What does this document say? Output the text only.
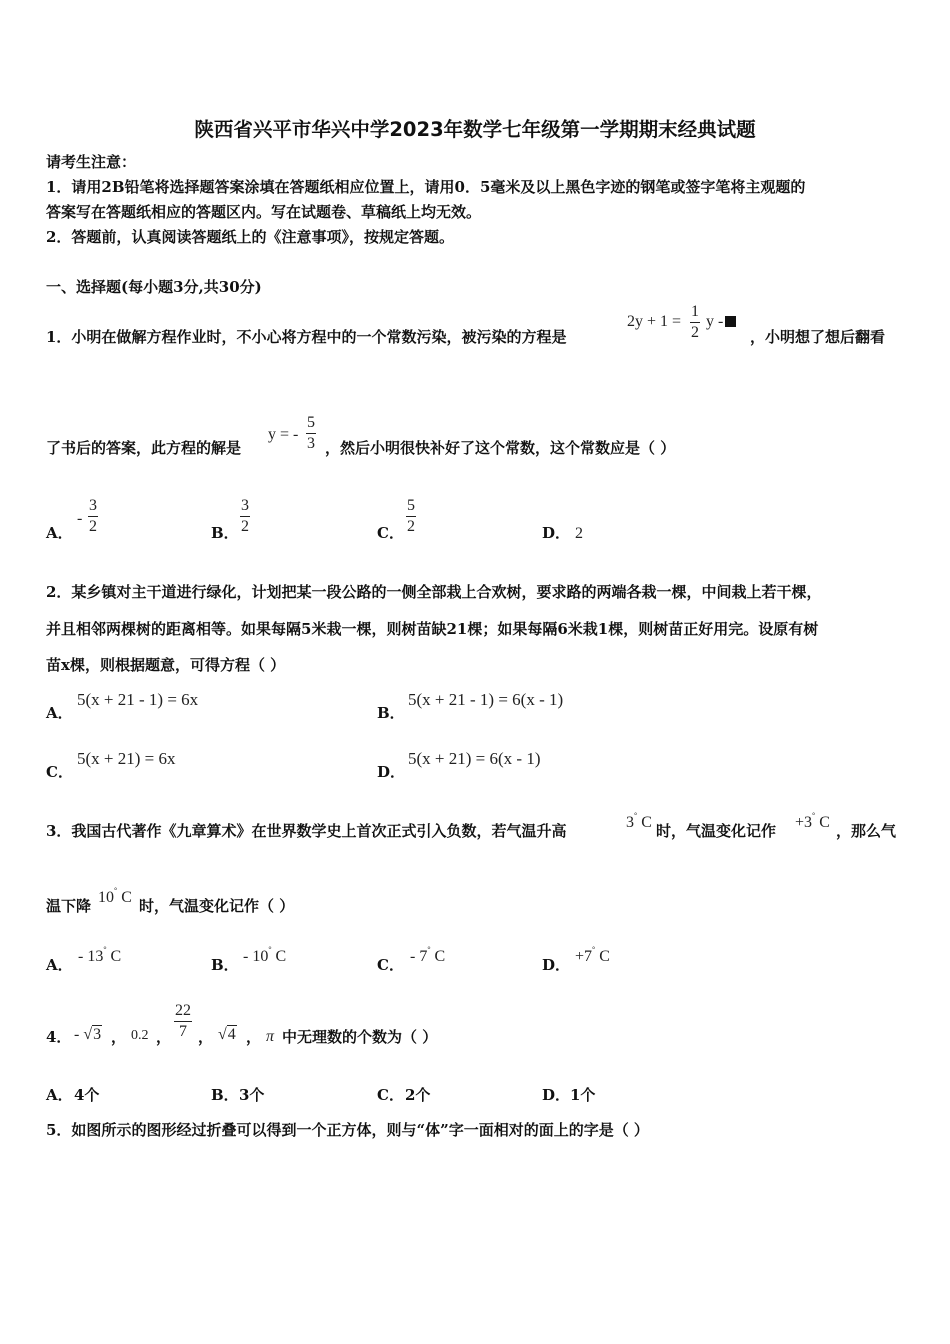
陕西省兴平市华兴中学2023年数学七年级第一学期期末经典试题
请考生注意：
1．请用2B铅笔将选择题答案涂填在答题纸相应位置上，请用0．5毫米及以上黑色字迹的钢笔或签字笔将主观题的
答案写在答题纸相应的答题区内。写在试题卷、草稿纸上均无效。
2．答题前，认真阅读答题纸上的《注意事项》，按规定答题。
一、选择题(每小题3分,共30分)
1．小明在做解方程作业时，不小心将方程中的一个常数污染，被污染的方程是
2y + 1 =
1
2
y -
，小明想了想后翻看
了书后的答案，此方程的解是
y = -
5
3 ，然后小明很快补好了这个常数，这个常数应是（ ）
A．
-
3
2	B．
3
2	C．
5
2	D． 2
2．某乡镇对主干道进行绿化，计划把某一段公路的一侧全部栽上合欢树，要求路的两端各栽一棵，中间栽上若干棵，
并且相邻两棵树的距离相等。如果每隔5米栽一棵，则树苗缺21棵；如果每隔6米栽1棵，则树苗正好用完。设原有树
苗x棵，则根据题意，可得方程（ ）
A．
5(x + 21 - 1) = 6x
B．
5(x + 21 - 1) = 6(x - 1)
C．
5(x + 21) = 6x
D．
5(x + 21) = 6(x - 1)
3．我国古代著作《九章算术》在世界数学史上首次正式引入负数，若气温升高	3° C 时，气温变化记作 +3° C ，那么气
温下降 10° C 时，气温变化记作（ ）
A． - 13° C	B． - 10° C	C． - 7° C	D． +7° C
4． - √3 ， 0.2 ，
22
7 ， √4 ， π 中无理数的个数为（ ）
A． 4个	B． 3个	C． 2个	D． 1个
5．如图所示的图形经过折叠可以得到一个正方体，则与“体”字一面相对的面上的字是（ ）
